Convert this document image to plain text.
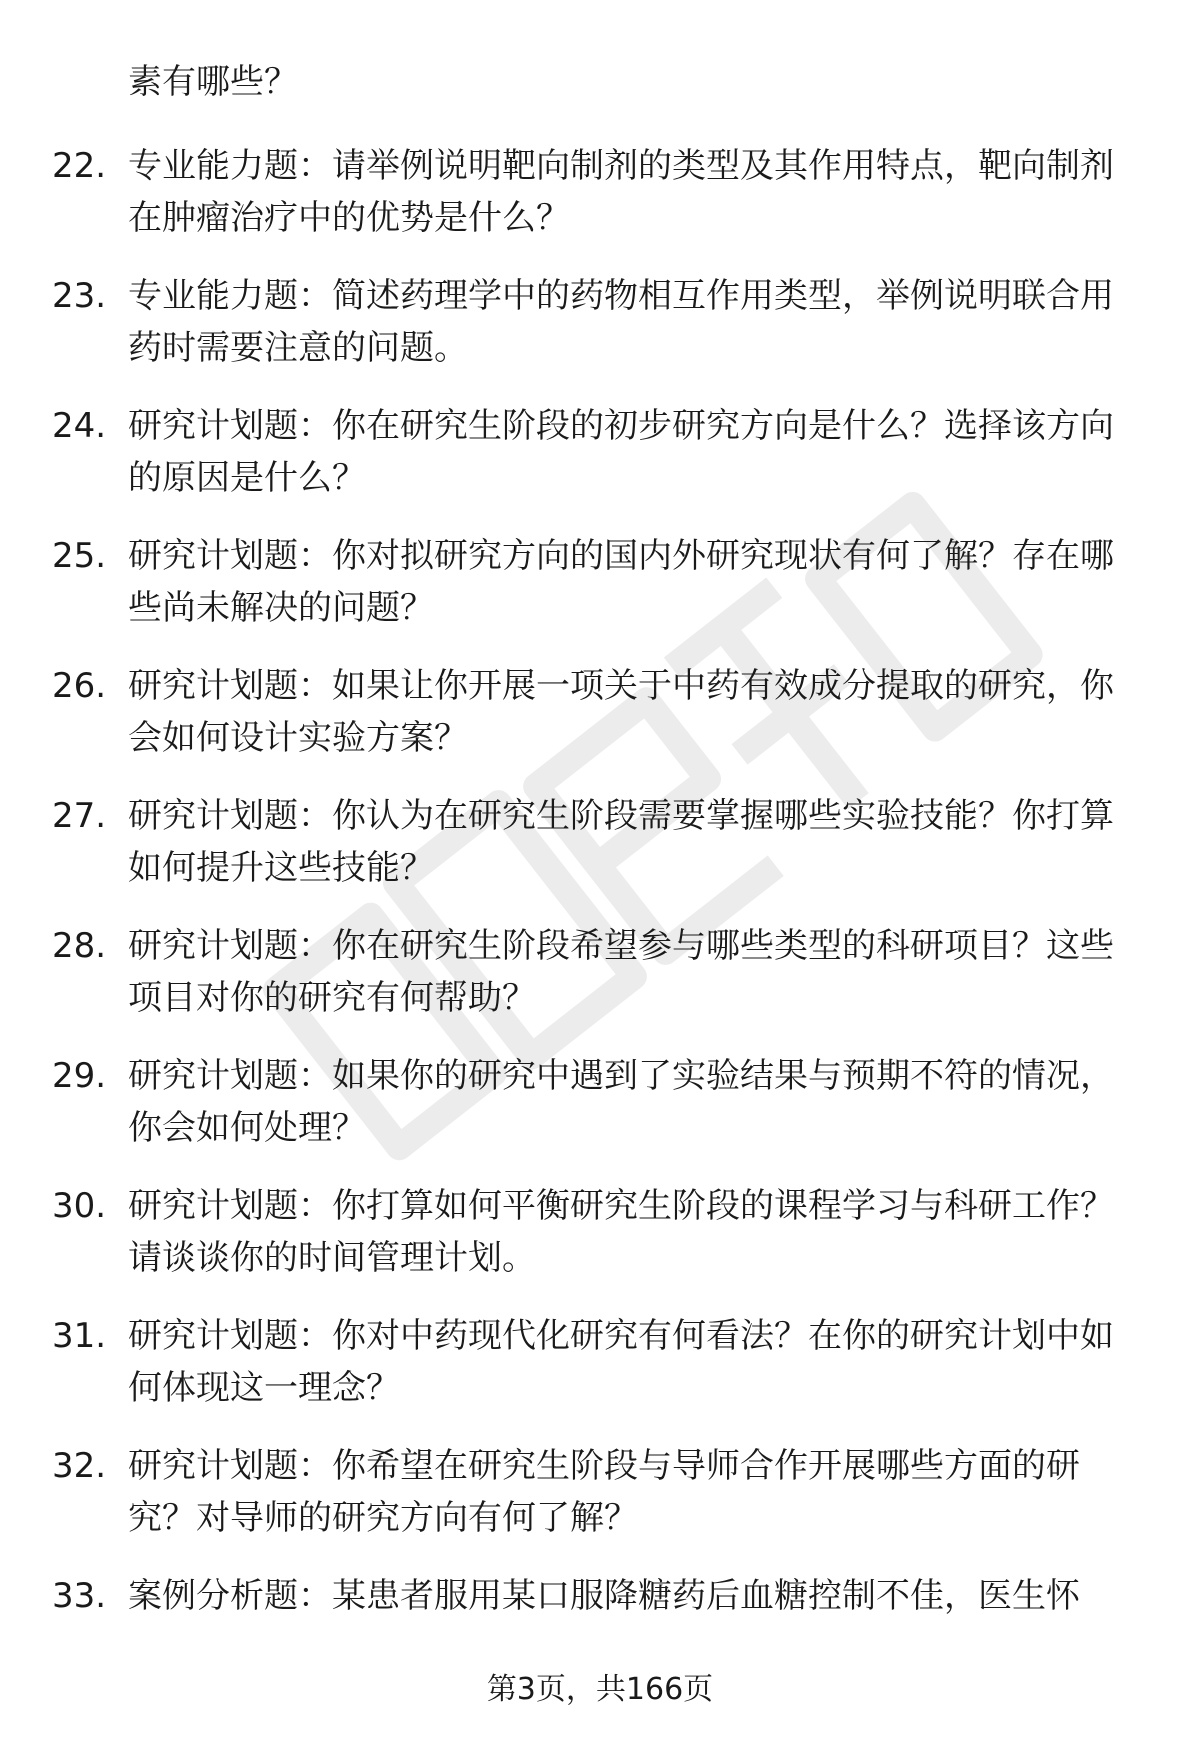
素有哪些？

22. 专业能力题：请举例说明靶向制剂的类型及其作用特点，靶向制剂在肿瘤治疗中的优势是什么？
23. 专业能力题：简述药理学中的药物相互作用类型，举例说明联合用药时需要注意的问题。
24. 研究计划题：你在研究生阶段的初步研究方向是什么？选择该方向的原因是什么？
25. 研究计划题：你对拟研究方向的国内外研究现状有何了解？存在哪些尚未解决的问题？
26. 研究计划题：如果让你开展一项关于中药有效成分提取的研究，你会如何设计实验方案？
27. 研究计划题：你认为在研究生阶段需要掌握哪些实验技能？你打算如何提升这些技能？
28. 研究计划题：你在研究生阶段希望参与哪些类型的科研项目？这些项目对你的研究有何帮助？
29. 研究计划题：如果你的研究中遇到了实验结果与预期不符的情况，你会如何处理？
30. 研究计划题：你打算如何平衡研究生阶段的课程学习与科研工作？请谈谈你的时间管理计划。
31. 研究计划题：你对中药现代化研究有何看法？在你的研究计划中如何体现这一理念？
32. 研究计划题：你希望在研究生阶段与导师合作开展哪些方面的研究？对导师的研究方向有何了解？
33. 案例分析题：某患者服用某口服降糖药后血糖控制不佳，医生怀
第3页，共166页
